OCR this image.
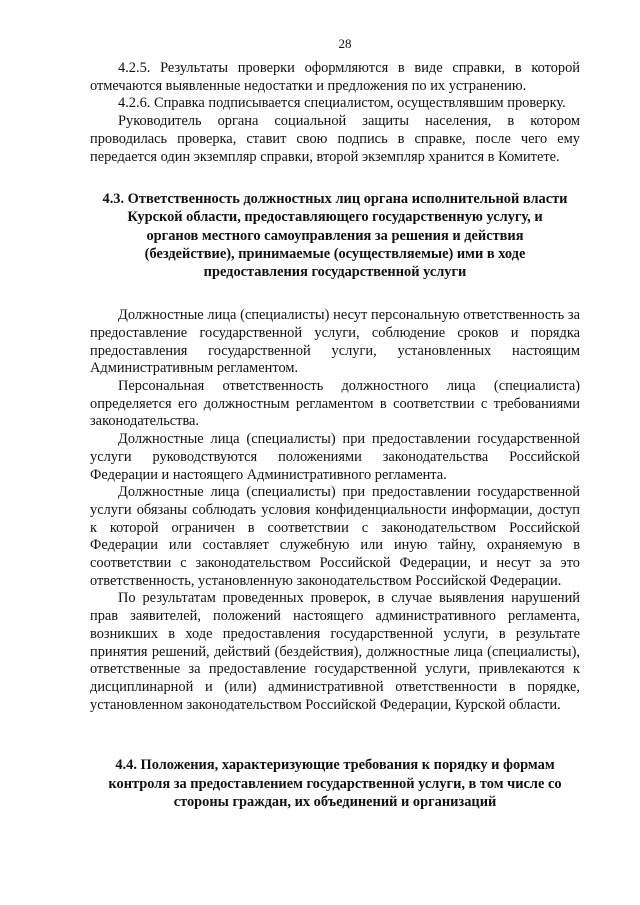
28

4.2.5. Результаты проверки оформляются в виде справки, в которой отмечаются выявленные недостатки и предложения по их устранению.

4.2.6. Справка подписывается специалистом, осуществлявшим проверку.

Руководитель органа социальной защиты населения, в котором проводилась проверка, ставит свою подпись в справке, после чего ему передается один экземпляр справки, второй экземпляр хранится в Комитете.

4.3. Ответственность должностных лиц органа исполнительной власти Курской области, предоставляющего государственную услугу, и органов местного самоуправления за решения и действия (бездействие), принимаемые (осуществляемые) ими в ходе предоставления государственной услуги

Должностные лица (специалисты) несут персональную ответственность за предоставление государственной услуги, соблюдение сроков и порядка предоставления государственной услуги, установленных настоящим Административным регламентом.

Персональная ответственность должностного лица (специалиста) определяется его должностным регламентом в соответствии с требованиями законодательства.

Должностные лица (специалисты) при предоставлении государственной услуги руководствуются положениями законодательства Российской Федерации и настоящего Административного регламента.

Должностные лица (специалисты) при предоставлении государственной услуги обязаны соблюдать условия конфиденциальности информации, доступ к которой ограничен в соответствии с законодательством Российской Федерации или составляет служебную или иную тайну, охраняемую в соответствии с законодательством Российской Федерации, и несут за это ответственность, установленную законодательством Российской Федерации.

По результатам проведенных проверок, в случае выявления нарушений прав заявителей, положений настоящего административного регламента, возникших в ходе предоставления государственной услуги, в результате принятия решений, действий (бездействия), должностные лица (специалисты), ответственные за предоставление государственной услуги, привлекаются к дисциплинарной и (или) административной ответственности в порядке, установленном законодательством Российской Федерации, Курской области.

4.4. Положения, характеризующие требования к порядку и формам контроля за предоставлением государственной услуги, в том числе со стороны граждан, их объединений и организаций
